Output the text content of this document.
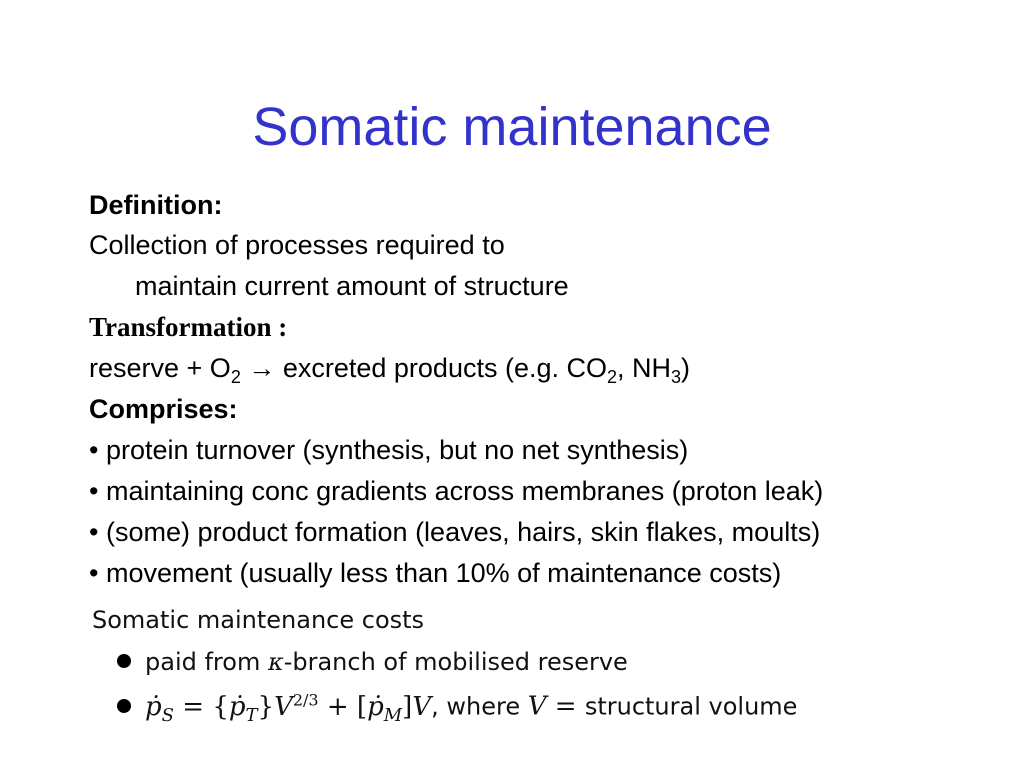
Somatic maintenance
Definition:
Collection of processes required to
maintain current amount of structure
Transformation :
reserve + $O_2$ → excreted products (e.g. $CO_2$, $NH_3$)
Comprises:
• protein turnover (synthesis, but no net synthesis)
• maintaining conc gradients across membranes (proton leak)
• (some) product formation (leaves, hairs, skin flakes, moults)
• movement (usually less than 10% of maintenance costs)
Somatic maintenance costs
paid from κ-branch of mobilised reserve
ṗ$_S$ = $\{ṗ_T\}V^{2/3}$ + [ṗ$_M$]V, where V = structural volume
